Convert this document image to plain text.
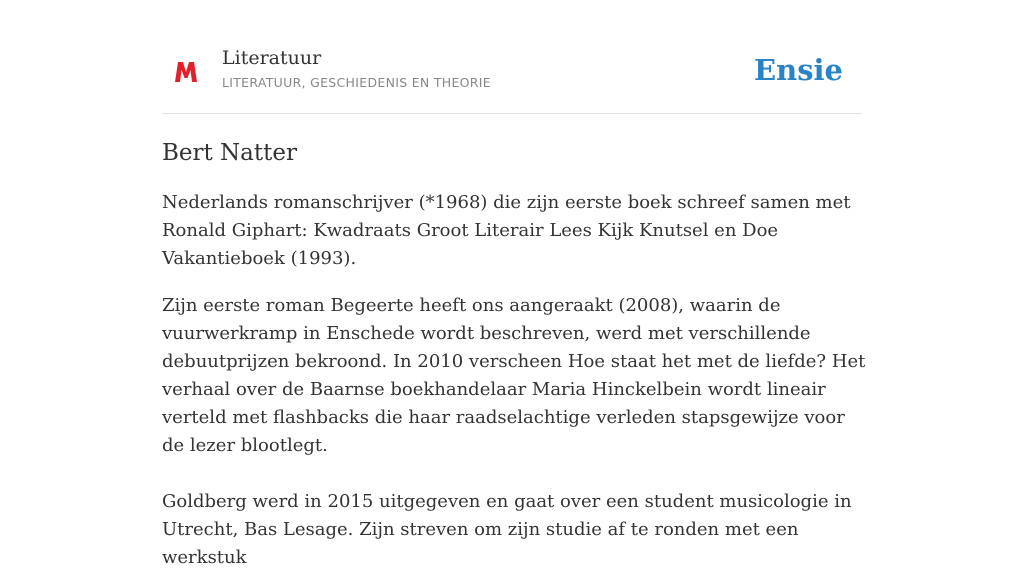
Literatuur
LITERATUUR, GESCHIEDENIS EN THEORIE	Ensie
Bert Natter

Nederlands romanschrijver (*1968) die zijn eerste boek schreef samen met Ronald Giphart: Kwadraats Groot Literair Lees Kijk Knutsel en Doe Vakantieboek (1993).

Zijn eerste roman Begeerte heeft ons aangeraakt (2008), waarin de vuurwerkramp in Enschede wordt beschreven, werd met verschillende debuutprijzen bekroond. In 2010 verscheen Hoe staat het met de liefde? Het verhaal over de Baarnse boekhandelaar Maria Hinckelbein wordt lineair verteld met flashbacks die haar raadselachtige verleden stapsgewijze voor de lezer blootlegt.

Goldberg werd in 2015 uitgegeven en gaat over een student musicologie in Utrecht, Bas Lesage. Zijn streven om zijn studie af te ronden met een werkstuk
